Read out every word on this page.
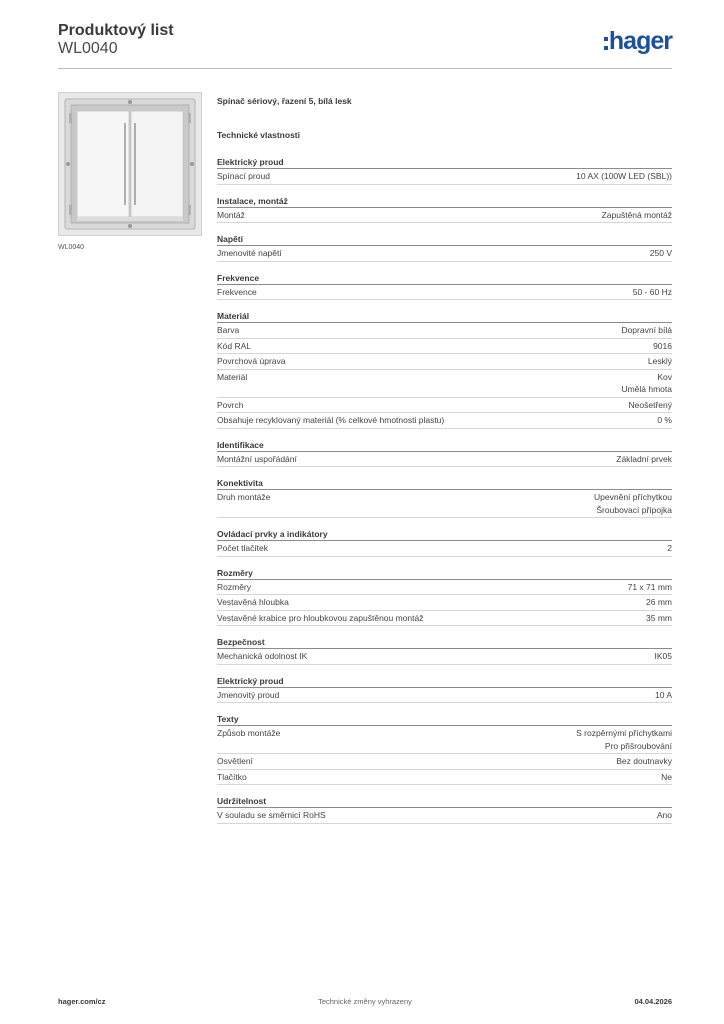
Produktový list
WL0040	hager
WL0040
Spínač sériový, řazení 5, bílá lesk
Technické vlastnosti
Elektrický proud
Spínací proud	10 AX (100W LED (SBL))
Instalace, montáž
Montáž	Zapuštěná montáž
Napětí
Jmenovité napětí	250 V
Frekvence
Frekvence	50 - 60 Hz
Materiál
Barva	Dopravní bílá
Kód RAL	9016
Povrchová úprava	Lesklý
Materiál	Kov
Umělá hmota
Povrch	Neošetřený
Obsahuje recyklovaný materiál (% celkové hmotnosti plastu)	0 %
Identifikace
Montážní uspořádání	Základní prvek
Konektivita
Druh montáže	Upevnění příchytkou
Šroubovací přípojka
Ovládací prvky a indikátory
Počet tlačítek	2
Rozměry
Rozměry	71 x 71 mm
Vestavěná hloubka	26 mm
Vestavěné krabice pro hloubkovou zapuštěnou montáž	35 mm
Bezpečnost
Mechanická odolnost IK	IK05
Elektrický proud
Jmenovitý proud	10 A
Texty
Způsob montáže	S rozpěrnými příchytkami
Pro přišroubování
Osvětlení	Bez doutnavky
Tlačítko	Ne
Udržitelnost
V souladu se směrnicí RoHS	Ano
hager.com/cz	Technické změny vyhrazeny	04.04.2026
